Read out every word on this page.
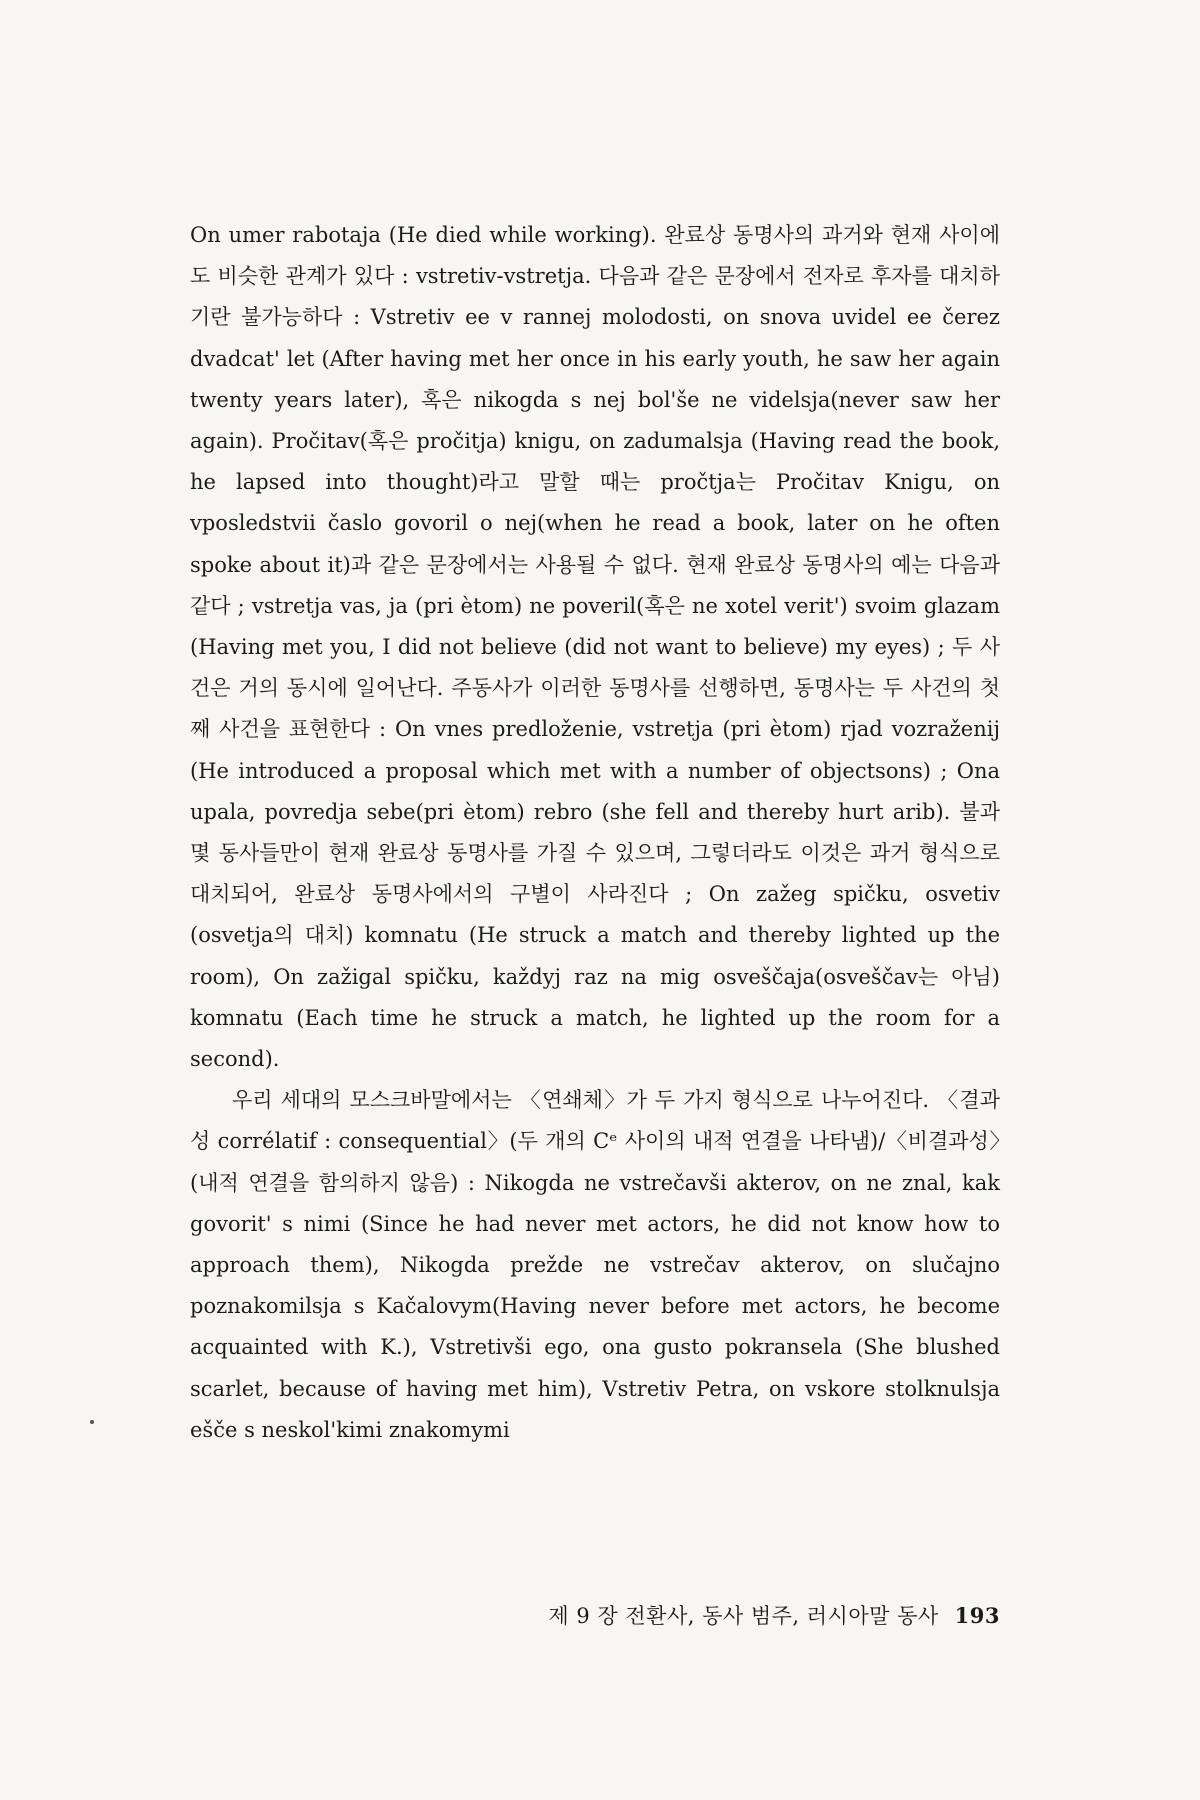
On umer rabotaja (He died while working). 완료상 동명사의 과거와 현재 사이에도 비슷한 관계가 있다 : vstretiv-vstretja. 다음과 같은 문장에서 전자로 후자를 대치하기란 불가능하다 : Vstretiv ee v rannej molodosti, on snova uvidel ee čerez dvadcat' let (After having met her once in his early youth, he saw her again twenty years later), 혹은 nikogda s nej bol'še ne videlsja(never saw her again). Pročitav(혹은 pročitja) knigu, on zadumalsja (Having read the book, he lapsed into thought)라고 말할 때는 pročtja는 Pročitav Knigu, on vposledstvii časlo govoril o nej(when he read a book, later on he often spoke about it)과 같은 문장에서는 사용될 수 없다. 현재 완료상 동명사의 예는 다음과 같다 ; vstretja vas, ja (pri ètom) ne poveril(혹은 ne xotel verit') svoim glazam (Having met you, I did not believe (did not want to believe) my eyes) ; 두 사건은 거의 동시에 일어난다. 주동사가 이러한 동명사를 선행하면, 동명사는 두 사건의 첫째 사건을 표현한다 : On vnes predloženie, vstretja (pri ètom) rjad vozraženij (He introduced a proposal which met with a number of objectsons) ; Ona upala, povredja sebe(pri ètom) rebro (she fell and thereby hurt arib). 불과 몇 동사들만이 현재 완료상 동명사를 가질 수 있으며, 그렇더라도 이것은 과거 형식으로 대치되어, 완료상 동명사에서의 구별이 사라진다 ; On zažeg spičku, osvetiv (osvetja의 대치) komnatu (He struck a match and thereby lighted up the room), On zažigal spičku, každyj raz na mig osveščaja(osveščav는 아님) komnatu (Each time he struck a match, he lighted up the room for a second).

우리 세대의 모스크바말에서는 〈연쇄체〉가 두 가지 형식으로 나누어진다. 〈결과성 corrélatif : consequential〉(두 개의 Cᵉ 사이의 내적 연결을 나타냄)/〈비결과성〉(내적 연결을 함의하지 않음) : Nikogda ne vstrečavši akterov, on ne znal, kak govorit' s nimi (Since he had never met actors, he did not know how to approach them), Nikogda prežde ne vstrečav akterov, on slučajno poznakomilsja s Kačalovym(Having never before met actors, he become acquainted with K.), Vstretivši ego, ona gusto pokransela (She blushed scarlet, because of having met him), Vstretiv Petra, on vskore stolknulsja ešče s neskol'kimi znakomymi

제 9 장 전환사, 동사 범주, 러시아말 동사 193
